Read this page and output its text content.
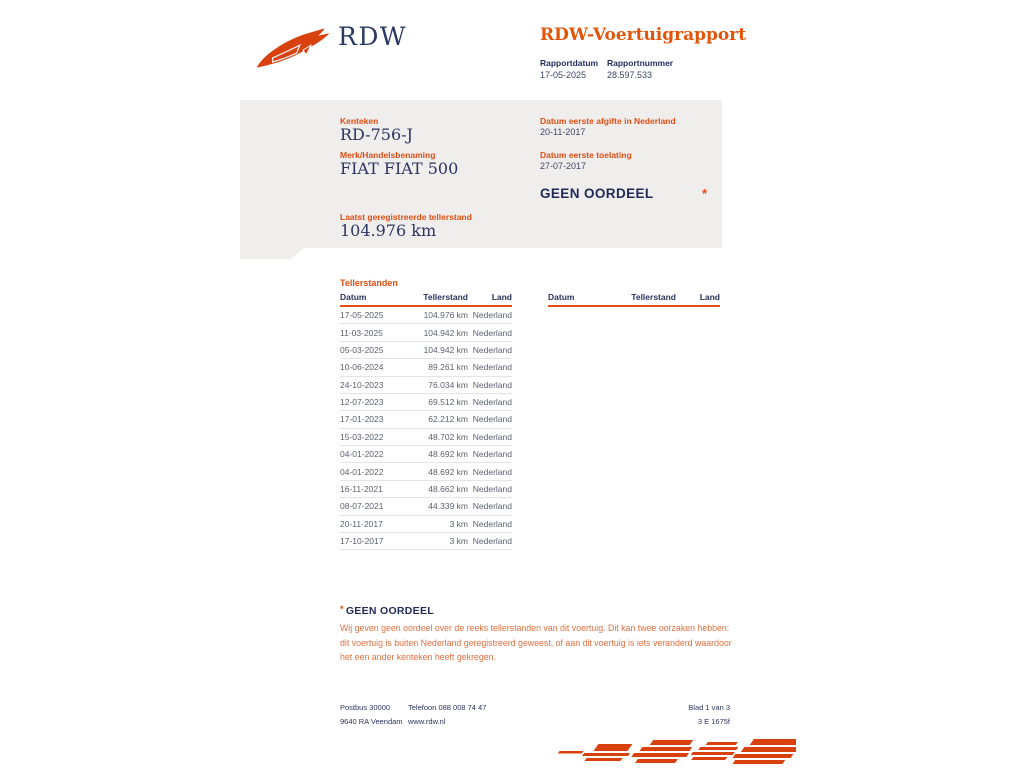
RDW	RDW-Voertuigrapport
Rapportdatum Rapportnummer
17-05-2025 28.597.533
Kenteken
RD-756-J
Merk/Handelsbenaming
FIAT FIAT 500
Laatst geregistreerde tellerstand
104.976 km
Datum eerste afgifte in Nederland
20-11-2017
Datum eerste toelating
27-07-2017
GEEN OORDEEL	*
Tellerstanden
Datum	Tellerstand	Land
17-05-2025	104.976 km	Nederland
11-03-2025	104.942 km	Nederland
05-03-2025	104.942 km	Nederland
10-06-2024	89.261 km	Nederland
24-10-2023	76.034 km	Nederland
12-07-2023	69.512 km	Nederland
17-01-2023	62.212 km	Nederland
15-03-2022	48.702 km	Nederland
04-01-2022	48.692 km	Nederland
04-01-2022	48.692 km	Nederland
16-11-2021	48.662 km	Nederland
08-07-2021	44.339 km	Nederland
20-11-2017	3 km	Nederland
17-10-2017	3 km	Nederland
Datum	Tellerstand	Land
* GEEN OORDEEL
Wij geven geen oordeel over de reeks tellerstanden van dit voertuig. Dit kan twee oorzaken hebben: dit voertuig is buiten Nederland geregistreerd geweest, of aan dit voertuig is iets veranderd waardoor het een ander kenteken heeft gekregen.
Postbus 30000
9640 RA Veendam
Telefoon 088 008 74 47
www.rdw.nl
Blad 1 van 3
3 E 1675f
